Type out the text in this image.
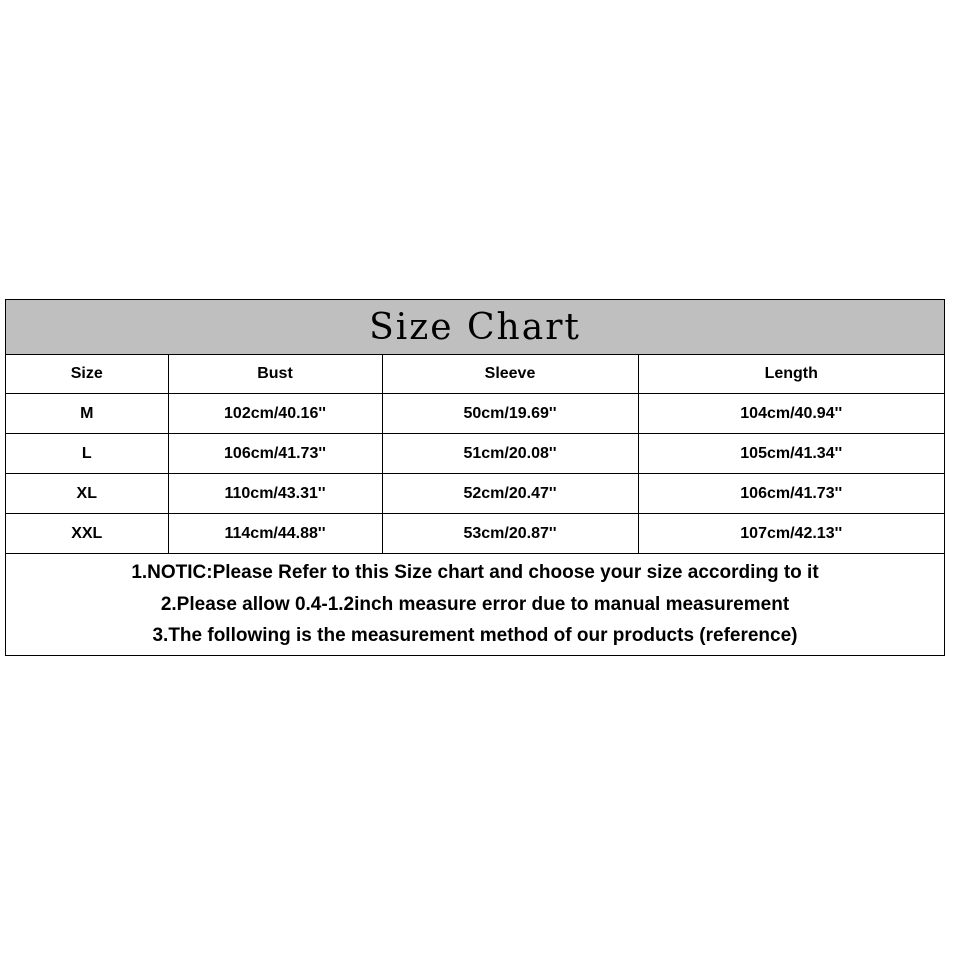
Size Chart
Size	Bust	Sleeve	Length
M	102cm/40.16''	50cm/19.69''	104cm/40.94''
L	106cm/41.73''	51cm/20.08''	105cm/41.34''
XL	110cm/43.31''	52cm/20.47''	106cm/41.73''
XXL	114cm/44.88''	53cm/20.87''	107cm/42.13''
1.NOTIC:Please Refer to this Size chart and choose your size according to it
2.Please allow 0.4-1.2inch measure error due to manual measurement
3.The following is the measurement method of our products (reference)
